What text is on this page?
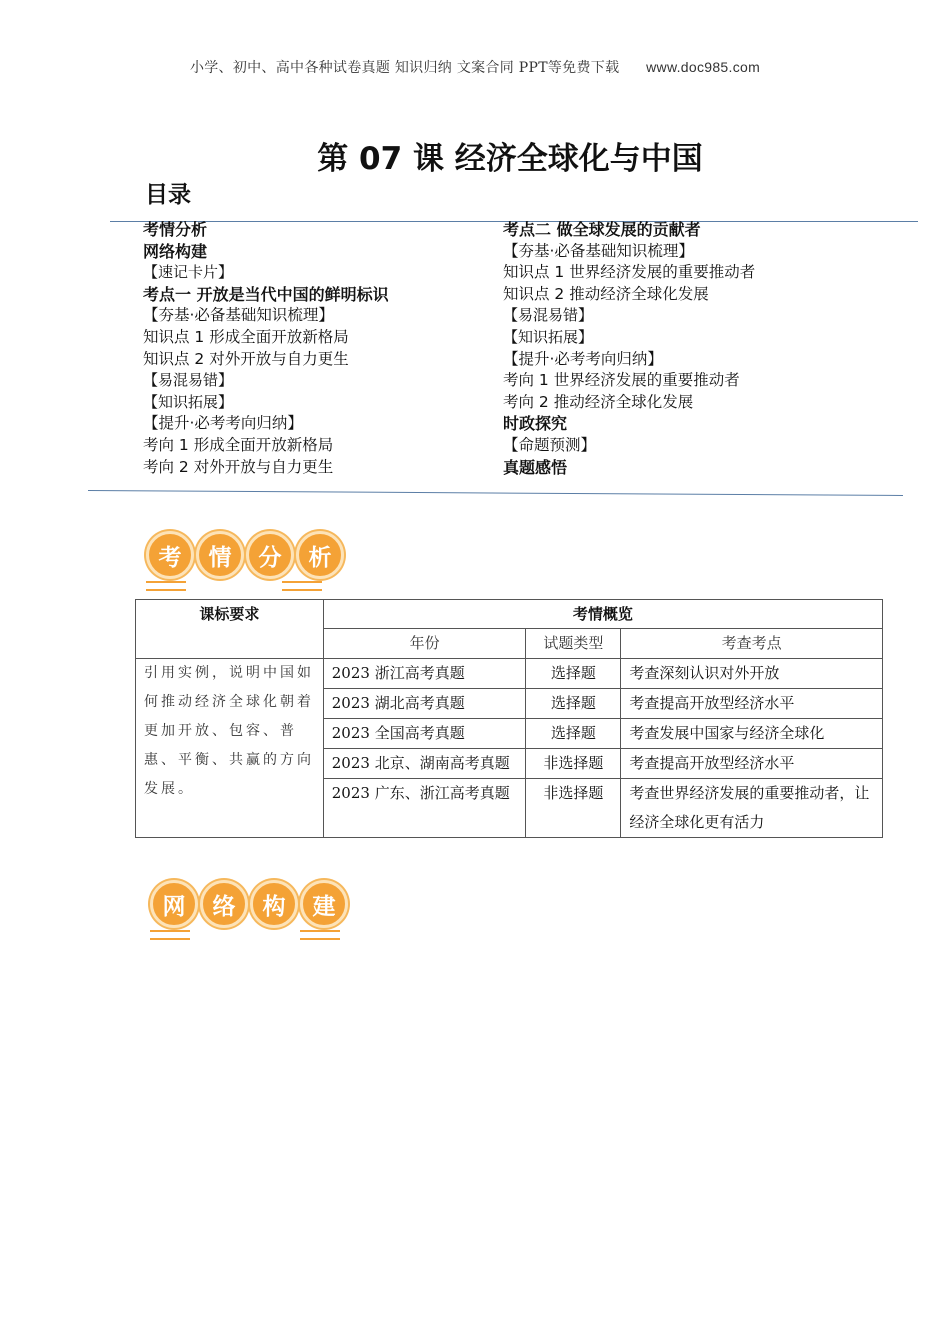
小学、初中、高中各种试卷真题 知识归纳 文案合同 PPT等免费下载 www.doc985.com
第 07 课 经济全球化与中国
目录
考情分析
网络构建
【速记卡片】
考点一 开放是当代中国的鲜明标识
【夯基·必备基础知识梳理】
知识点 1 形成全面开放新格局
知识点 2 对外开放与自力更生
【易混易错】
【知识拓展】
【提升·必考考向归纳】
考向 1 形成全面开放新格局
考向 2 对外开放与自力更生
考点二 做全球发展的贡献者
【夯基·必备基础知识梳理】
知识点 1 世界经济发展的重要推动者
知识点 2 推动经济全球化发展
【易混易错】
【知识拓展】
【提升·必考考向归纳】
考向 1 世界经济发展的重要推动者
考向 2 推动经济全球化发展
时政探究
【命题预测】
真题感悟
考	情	分	析
课标要求	考情概览		
	年份	试题类型	考查考点
引用实例，说明中国如何推动经济全球化朝着更加开放、包容、普惠、平衡、共赢的方向发展。	2023 浙江高考真题	选择题	考查深刻认识对外开放
	2023 湖北高考真题	选择题	考查提高开放型经济水平
	2023 全国高考真题	选择题	考查发展中国家与经济全球化
	2023 北京、湖南高考真题	非选择题	考查提高开放型经济水平
	2023 广东、浙江高考真题	非选择题	考查世界经济发展的重要推动者，让经济全球化更有活力
网	络	构	建
